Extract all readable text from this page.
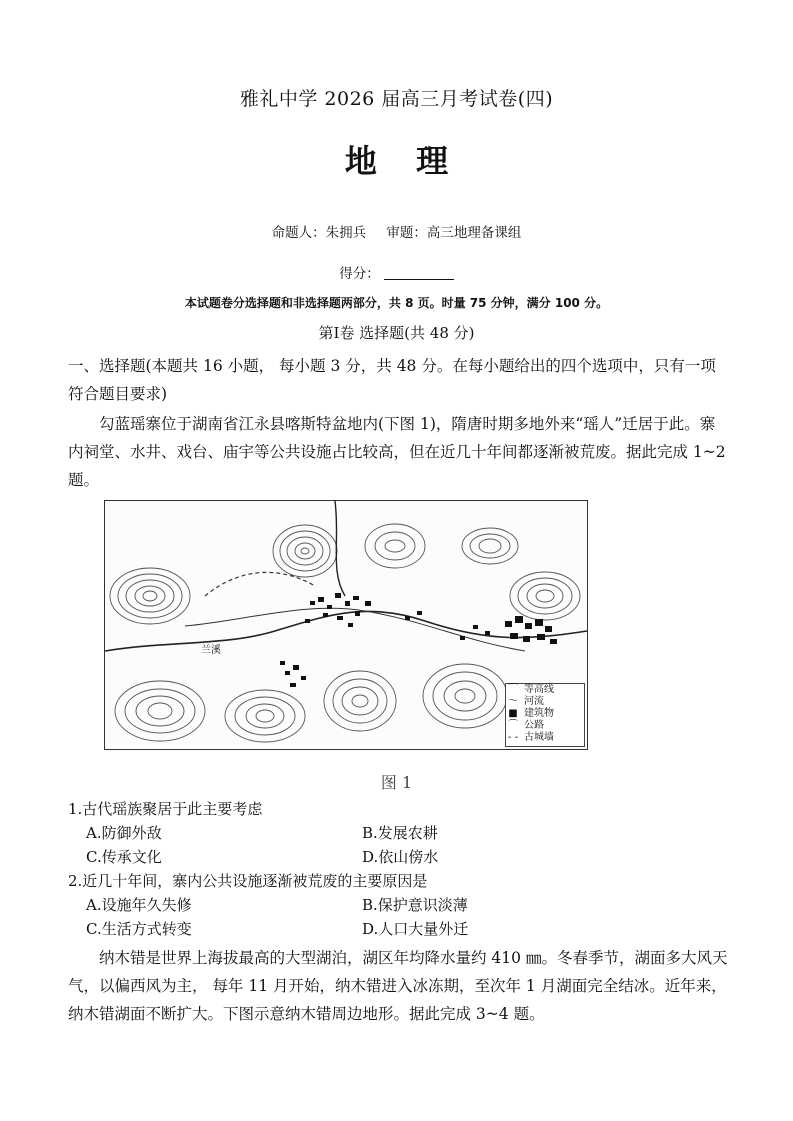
雅礼中学 2026 届高三月考试卷(四)
地 理
命题人：朱拥兵 审题：高三地理备课组
得分：
本试题卷分选择题和非选择题两部分，共 8 页。时量 75 分钟，满分 100 分。
第Ⅰ卷 选择题(共 48 分)

一、选择题(本题共 16 小题， 每小题 3 分，共 48 分。在每小题给出的四个选项中，只有一项符合题目要求)

勾蓝瑶寨位于湖南省江永县喀斯特盆地内(下图 1)，隋唐时期多地外来“瑶人”迁居于此。寨内祠堂、水井、戏台、庙宇等公共设施占比较高，但在近几十年间都逐渐被荒废。据此完成 1~2 题。

兰溪
⌒ 等高线
～ 河流
■ 建筑物
⌒ 公路
- - 古城墙
图 1
1.古代瑶族聚居于此主要考虑
A.防御外敌	B.发展农耕
C.传承文化	D.依山傍水
2.近几十年间，寨内公共设施逐渐被荒废的主要原因是
A.设施年久失修	B.保护意识淡薄
C.生活方式转变	D.人口大量外迁

纳木错是世界上海拔最高的大型湖泊，湖区年均降水量约 410 ㎜。冬春季节，湖面多大风天气，以偏西风为主， 每年 11 月开始，纳木错进入冰冻期，至次年 1 月湖面完全结冰。近年来，纳木错湖面不断扩大。下图示意纳木错周边地形。据此完成 3~4 题。
